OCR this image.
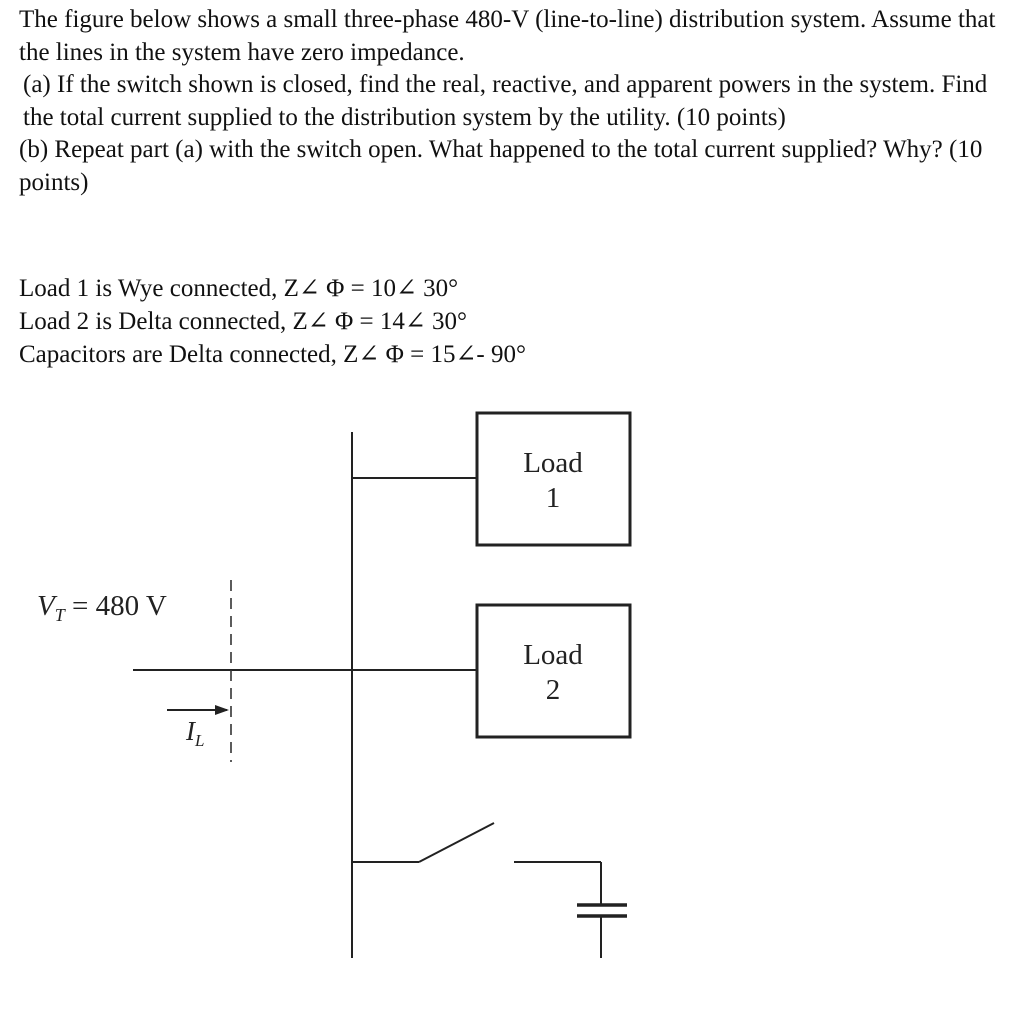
The figure below shows a small three-phase 480-V (line-to-line) distribution system. Assume that the lines in the system have zero impedance.

(a) If the switch shown is closed, find the real, reactive, and apparent powers in the system. Find the total current supplied to the distribution system by the utility. (10 points)

(b) Repeat part (a) with the switch open. What happened to the total current supplied? Why? (10 points)

Load 1 is Wye connected, Z∠ Φ = 10∠ 30°

Load 2 is Delta connected, Z∠ Φ = 14∠ 30°

Capacitors are Delta connected, Z∠ Φ = 15∠- 90°

Load
1
Load
2
$V_T = 480$ V
$I_L$
